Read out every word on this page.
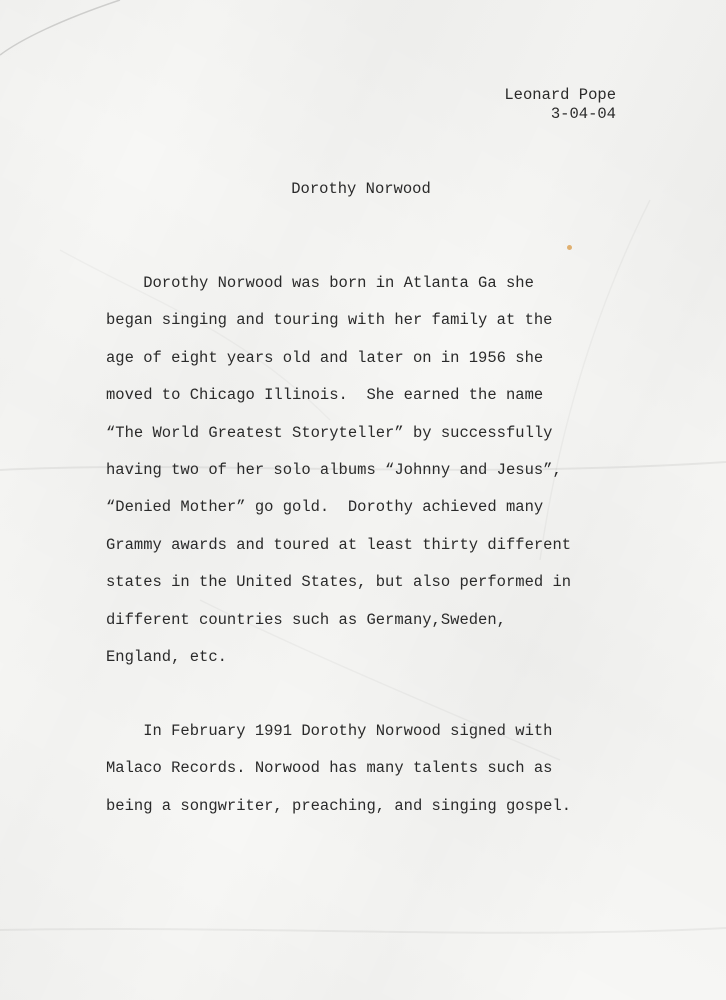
Leonard Pope
3-04-04
Dorothy Norwood
Dorothy Norwood was born in Atlanta Ga she
began singing and touring with her family at the
age of eight years old and later on in 1956 she
moved to Chicago Illinois.  She earned the name
“The World Greatest Storyteller” by successfully
having two of her solo albums “Johnny and Jesus”,
“Denied Mother” go gold.  Dorothy achieved many
Grammy awards and toured at least thirty different
states in the United States, but also performed in
different countries such as Germany,Sweden,
England, etc.
In February 1991 Dorothy Norwood signed with
Malaco Records. Norwood has many talents such as
being a songwriter, preaching, and singing gospel.
